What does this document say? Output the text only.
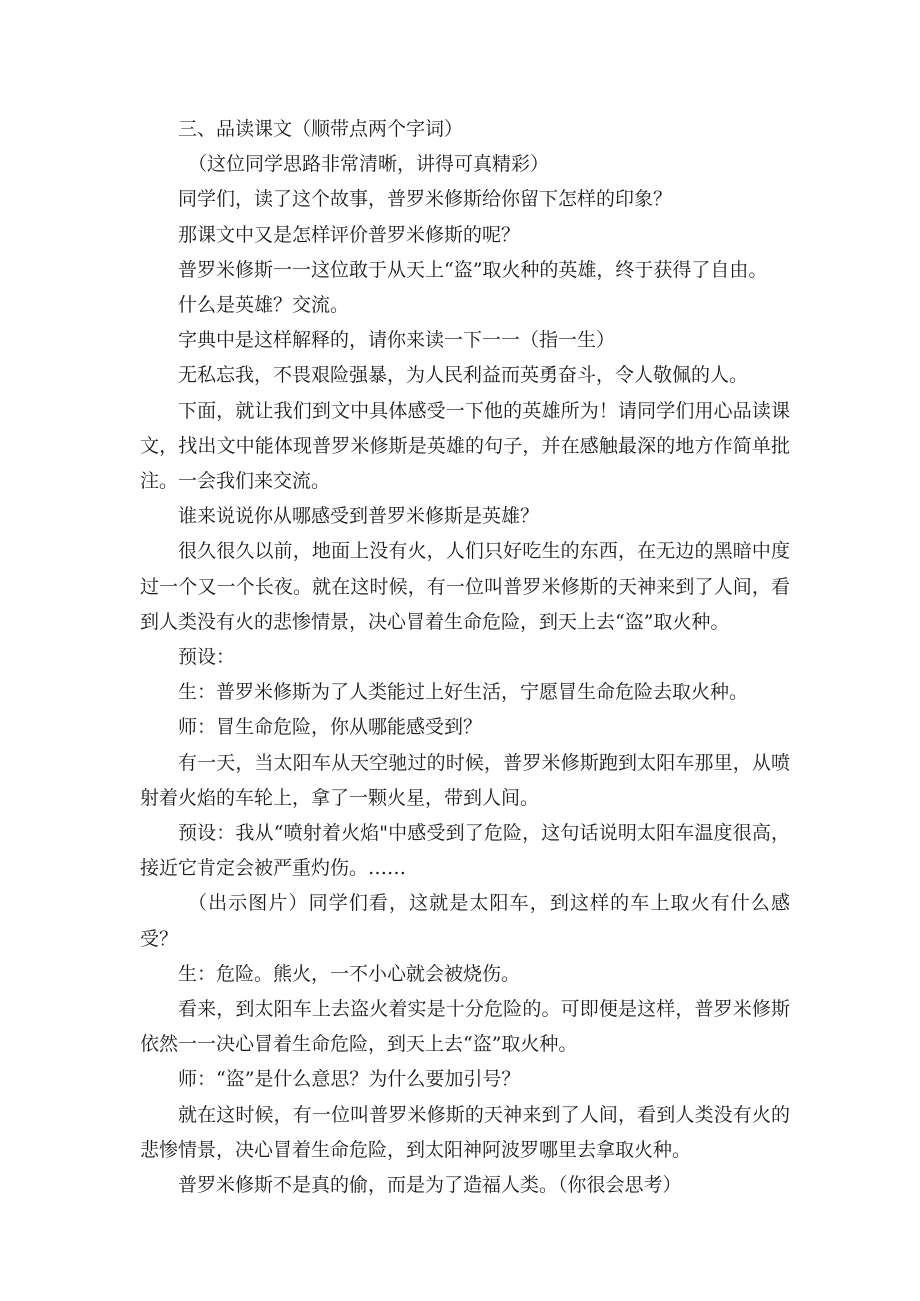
三、品读课文（顺带点两个字词）

（这位同学思路非常清晰，讲得可真精彩）

同学们，读了这个故事，普罗米修斯给你留下怎样的印象？

那课文中又是怎样评价普罗米修斯的呢？

普罗米修斯一一这位敢于从天上“盗”取火种的英雄，终于获得了自由。

什么是英雄？交流。

字典中是这样解释的，请你来读一下一一（指一生）

无私忘我，不畏艰险强暴，为人民利益而英勇奋斗，令人敬佩的人。

下面，就让我们到文中具体感受一下他的英雄所为！请同学们用心品读课文，找出文中能体现普罗米修斯是英雄的句子，并在感触最深的地方作简单批注。一会我们来交流。

谁来说说你从哪感受到普罗米修斯是英雄？

很久很久以前，地面上没有火，人们只好吃生的东西，在无边的黑暗中度过一个又一个长夜。就在这时候，有一位叫普罗米修斯的天神来到了人间，看到人类没有火的悲惨情景，决心冒着生命危险，到天上去“盗”取火种。

预设：

生：普罗米修斯为了人类能过上好生活，宁愿冒生命危险去取火种。

师：冒生命危险，你从哪能感受到？

有一天，当太阳车从天空驰过的时候，普罗米修斯跑到太阳车那里，从喷射着火焰的车轮上，拿了一颗火星，带到人间。

预设：我从“喷射着火焰"中感受到了危险，这句话说明太阳车温度很高，接近它肯定会被严重灼伤。……

（出示图片）同学们看，这就是太阳车，到这样的车上取火有什么感受？

生：危险。熊火，一不小心就会被烧伤。

看来，到太阳车上去盗火着实是十分危险的。可即便是这样，普罗米修斯依然一一决心冒着生命危险，到天上去“盗”取火种。

师：“盗”是什么意思？为什么要加引号？

就在这时候，有一位叫普罗米修斯的天神来到了人间，看到人类没有火的悲惨情景，决心冒着生命危险，到太阳神阿波罗哪里去拿取火种。

普罗米修斯不是真的偷，而是为了造福人类。（你很会思考）
